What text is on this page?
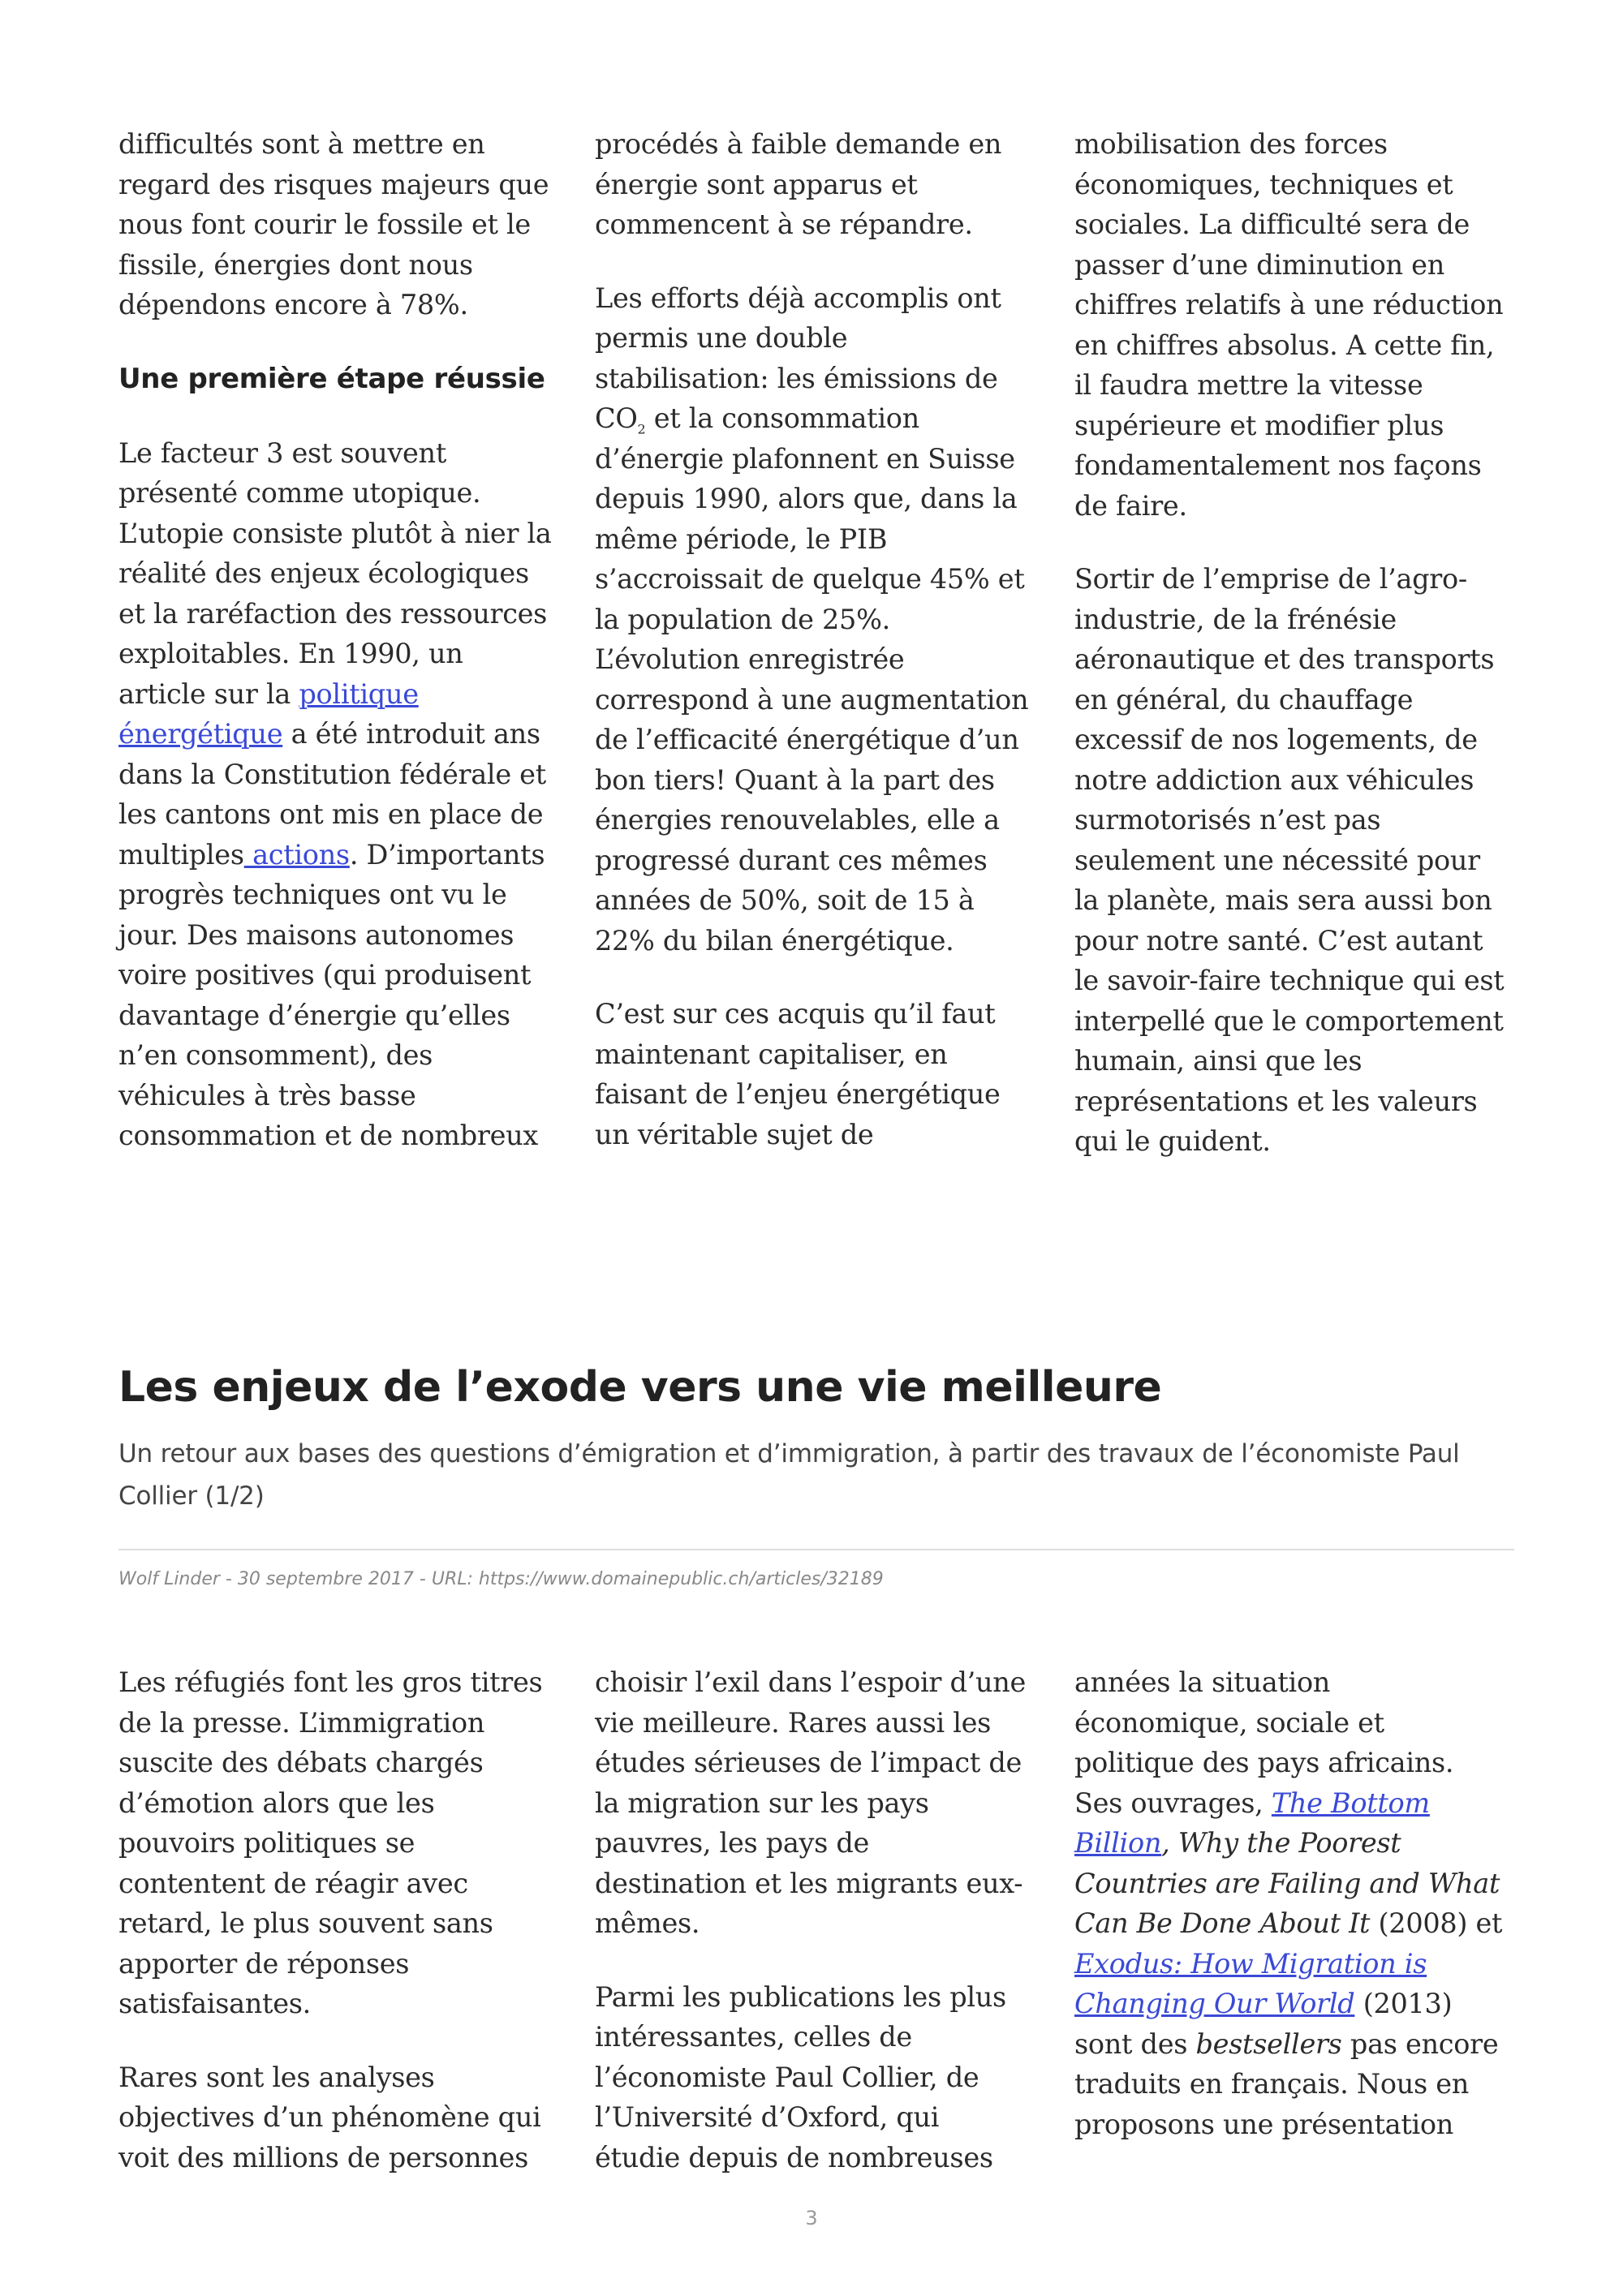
difficultés sont à mettre en regard des risques majeurs que nous font courir le fossile et le fissile, énergies dont nous dépendons encore à 78%.

Une première étape réussie

Le facteur 3 est souvent présenté comme utopique. L’utopie consiste plutôt à nier la réalité des enjeux écologiques et la raréfaction des ressources exploitables. En 1990, un article sur la politique énergétique a été introduit ans dans la Constitution fédérale et les cantons ont mis en place de multiples actions. D’importants progrès techniques ont vu le jour. Des maisons autonomes voire positives (qui produisent davantage d’énergie qu’elles n’en consomment), des véhicules à très basse consommation et de nombreux

procédés à faible demande en énergie sont apparus et commencent à se répandre.

Les efforts déjà accomplis ont permis une double stabilisation: les émissions de $CO_2$ et la consommation d’énergie plafonnent en Suisse depuis 1990, alors que, dans la même période, le PIB s’accroissait de quelque 45% et la population de 25%. L’évolution enregistrée correspond à une augmentation de l’efficacité énergétique d’un bon tiers! Quant à la part des énergies renouvelables, elle a progressé durant ces mêmes années de 50%, soit de 15 à 22% du bilan énergétique.

C’est sur ces acquis qu’il faut maintenant capitaliser, en faisant de l’enjeu énergétique un véritable sujet de

mobilisation des forces économiques, techniques et sociales. La difficulté sera de passer d’une diminution en chiffres relatifs à une réduction en chiffres absolus. A cette fin, il faudra mettre la vitesse supérieure et modifier plus fondamentalement nos façons de faire.

Sortir de l’emprise de l’agro-industrie, de la frénésie aéronautique et des transports en général, du chauffage excessif de nos logements, de notre addiction aux véhicules surmotorisés n’est pas seulement une nécessité pour la planète, mais sera aussi bon pour notre santé. C’est autant le savoir-faire technique qui est interpellé que le comportement humain, ainsi que les représentations et les valeurs qui le guident.

Les enjeux de l’exode vers une vie meilleure

Un retour aux bases des questions d’émigration et d’immigration, à partir des travaux de l’économiste Paul Collier (1/2)

Wolf Linder - 30 septembre 2017 - URL: https://www.domainepublic.ch/articles/32189

Les réfugiés font les gros titres de la presse. L’immigration suscite des débats chargés d’émotion alors que les pouvoirs politiques se contentent de réagir avec retard, le plus souvent sans apporter de réponses satisfaisantes.

Rares sont les analyses objectives d’un phénomène qui voit des millions de personnes

choisir l’exil dans l’espoir d’une vie meilleure. Rares aussi les études sérieuses de l’impact de la migration sur les pays pauvres, les pays de destination et les migrants eux-mêmes.

Parmi les publications les plus intéressantes, celles de l’économiste Paul Collier, de l’Université d’Oxford, qui étudie depuis de nombreuses

années la situation économique, sociale et politique des pays africains. Ses ouvrages, The Bottom Billion, Why the Poorest Countries are Failing and What Can Be Done About It (2008) et Exodus: How Migration is Changing Our World (2013) sont des bestsellers pas encore traduits en français. Nous en proposons une présentation

3
